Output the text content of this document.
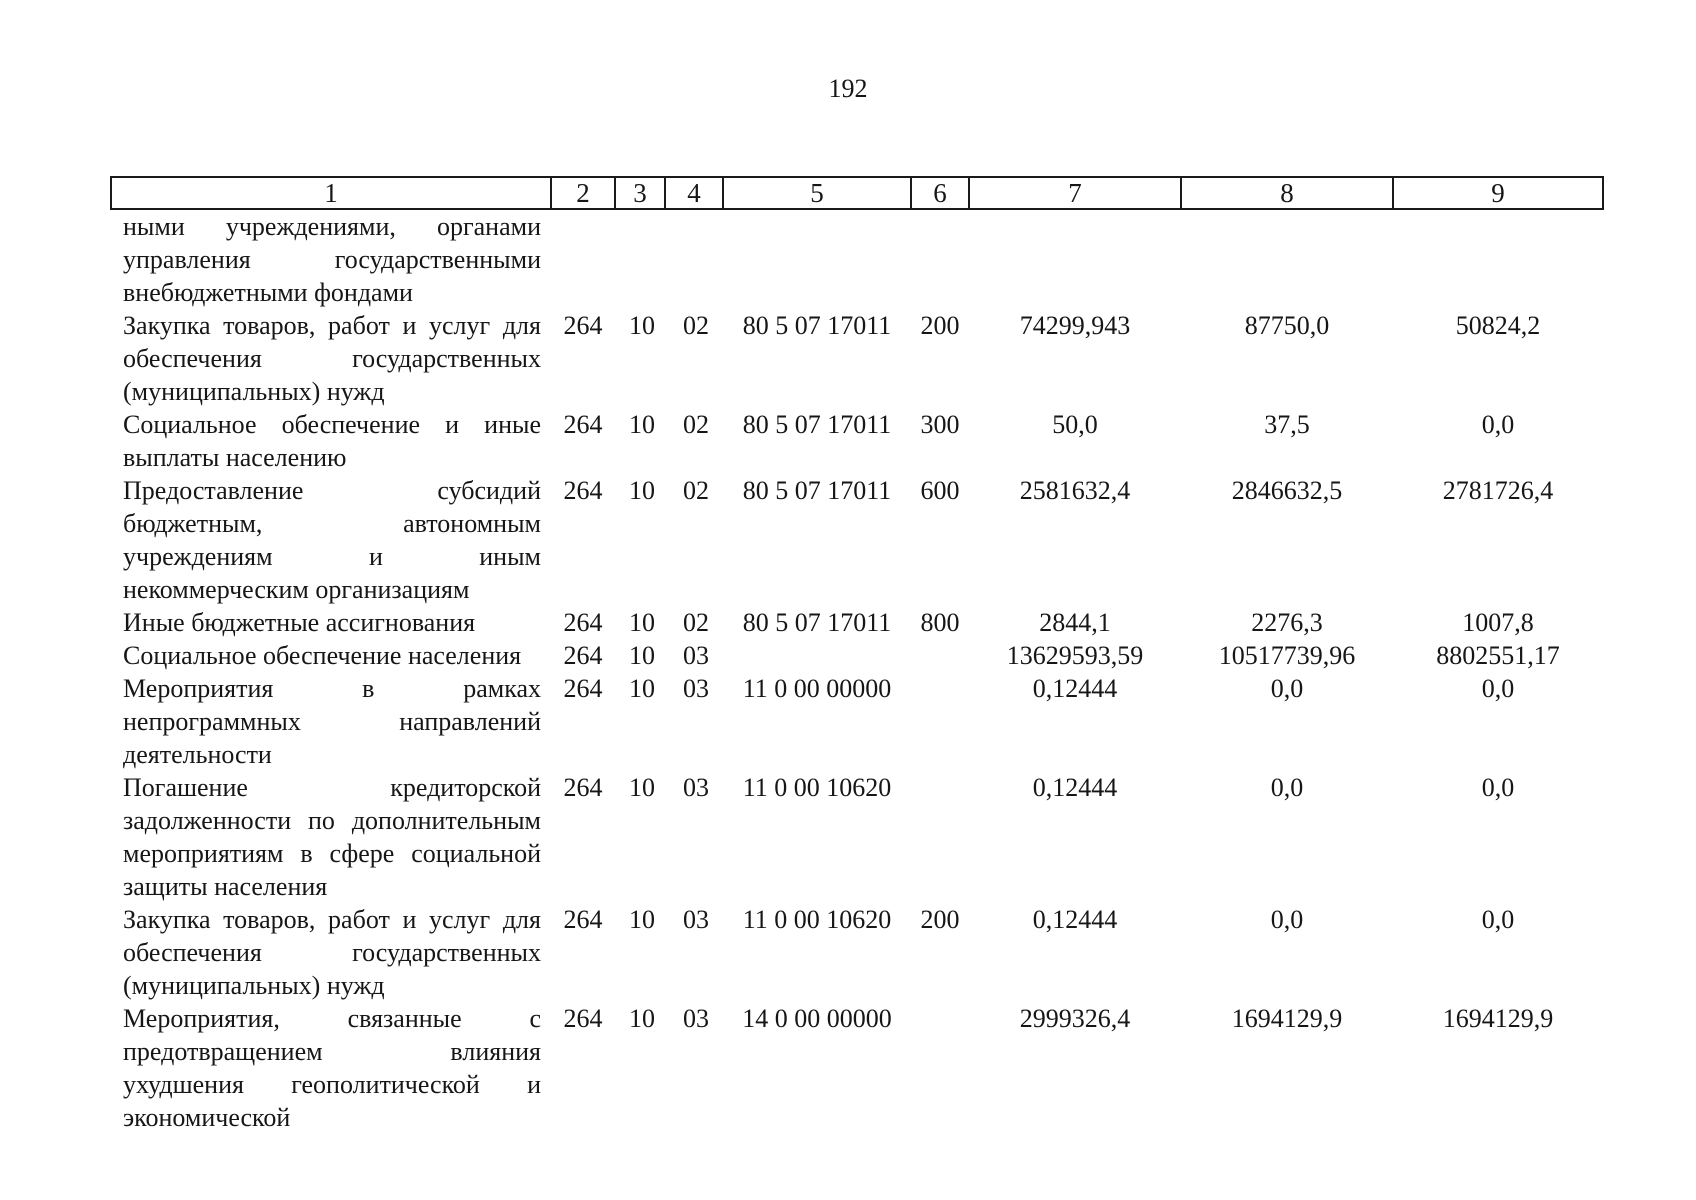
192
1	2	3	4	5	6	7	8	9
ными учреждениями, органами управления государственными внебюджетными фондами								
Закупка товаров, работ и услуг для обеспечения государственных (муниципальных) нужд	264	10	02	80 5 07 17011	200	74299,943	87750,0	50824,2
Социальное обеспечение и иные выплаты населению	264	10	02	80 5 07 17011	300	50,0	37,5	0,0
Предоставление субсидий бюджетным, автономным учреждениям и иным некоммерческим организациям	264	10	02	80 5 07 17011	600	2581632,4	2846632,5	2781726,4
Иные бюджетные ассигнования	264	10	02	80 5 07 17011	800	2844,1	2276,3	1007,8
Социальное обеспечение населения	264	10	03			13629593,59	10517739,96	8802551,17
Мероприятия в рамках непрограммных направлений деятельности	264	10	03	11 0 00 00000		0,12444	0,0	0,0
Погашение кредиторской задолженности по дополнительным мероприятиям в сфере социальной защиты населения	264	10	03	11 0 00 10620		0,12444	0,0	0,0
Закупка товаров, работ и услуг для обеспечения государственных (муниципальных) нужд	264	10	03	11 0 00 10620	200	0,12444	0,0	0,0
Мероприятия, связанные с предотвращением влияния ухудшения геополитической и экономической	264	10	03	14 0 00 00000		2999326,4	1694129,9	1694129,9
